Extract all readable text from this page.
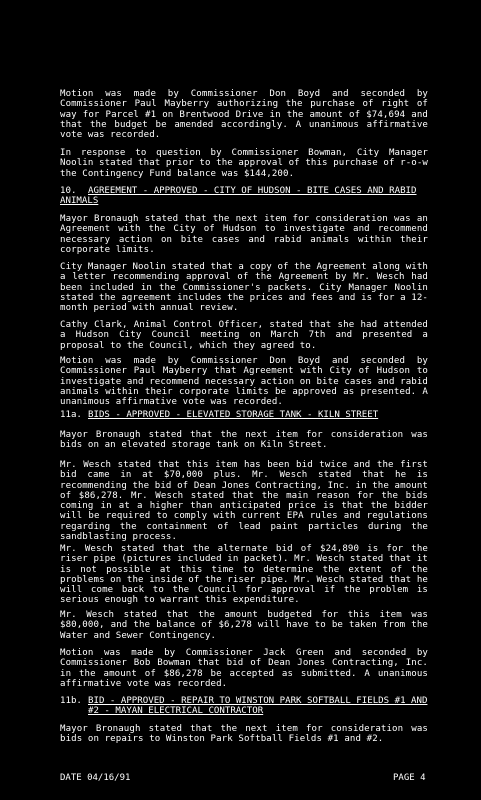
Motion was made by Commissioner Don Boyd and seconded by Commissioner Paul Mayberry authorizing the purchase of right of way for Parcel #1 on Brentwood Drive in the amount of $74,694 and that the budget be amended accordingly. A unanimous affirmative vote was recorded.
In response to question by Commissioner Bowman, City Manager Noolin stated that prior to the approval of this purchase of r-o-w the Contingency Fund balance was $144,200.
10. AGREEMENT - APPROVED - CITY OF HUDSON - BITE CASES AND RABID ANIMALS
Mayor Bronaugh stated that the next item for consideration was an Agreement with the City of Hudson to investigate and recommend necessary action on bite cases and rabid animals within their corporate limits.
City Manager Noolin stated that a copy of the Agreement along with a letter recommending approval of the Agreement by Mr. Wesch had been included in the Commissioner's packets. City Manager Noolin stated the agreement includes the prices and fees and is for a 12-month period with annual review.
Cathy Clark, Animal Control Officer, stated that she had attended a Hudson City Council meeting on March 7th and presented a proposal to the Council, which they agreed to.
Motion was made by Commissioner Don Boyd and seconded by Commissioner Paul Mayberry that Agreement with City of Hudson to investigate and recommend necessary action on bite cases and rabid animals within their corporate limits be approved as presented. A unanimous affirmative vote was recorded.
11a. BIDS - APPROVED - ELEVATED STORAGE TANK - KILN STREET
Mayor Bronaugh stated that the next item for consideration was bids on an elevated storage tank on Kiln Street.
Mr. Wesch stated that this item has been bid twice and the first bid came in at $70,000 plus. Mr. Wesch stated that he is recommending the bid of Dean Jones Contracting, Inc. in the amount of $86,278. Mr. Wesch stated that the main reason for the bids coming in at a higher than anticipated price is that the bidder will be required to comply with current EPA rules and regulations regarding the containment of lead paint particles during the sandblasting process.
Mr. Wesch stated that the alternate bid of $24,890 is for the riser pipe (pictures included in packet). Mr. Wesch stated that it is not possible at this time to determine the extent of the problems on the inside of the riser pipe. Mr. Wesch stated that he will come back to the Council for approval if the problem is serious enough to warrant this expenditure.
Mr. Wesch stated that the amount budgeted for this item was $80,000, and the balance of $6,278 will have to be taken from the Water and Sewer Contingency.
Motion was made by Commissioner Jack Green and seconded by Commissioner Bob Bowman that bid of Dean Jones Contracting, Inc. in the amount of $86,278 be accepted as submitted. A unanimous affirmative vote was recorded.
11b. BID - APPROVED - REPAIR TO WINSTON PARK SOFTBALL FIELDS #1 AND #2 - MAYAN ELECTRICAL CONTRACTOR
Mayor Bronaugh stated that the next item for consideration was bids on repairs to Winston Park Softball Fields #1 and #2.
DATE 04/16/91	PAGE 4
